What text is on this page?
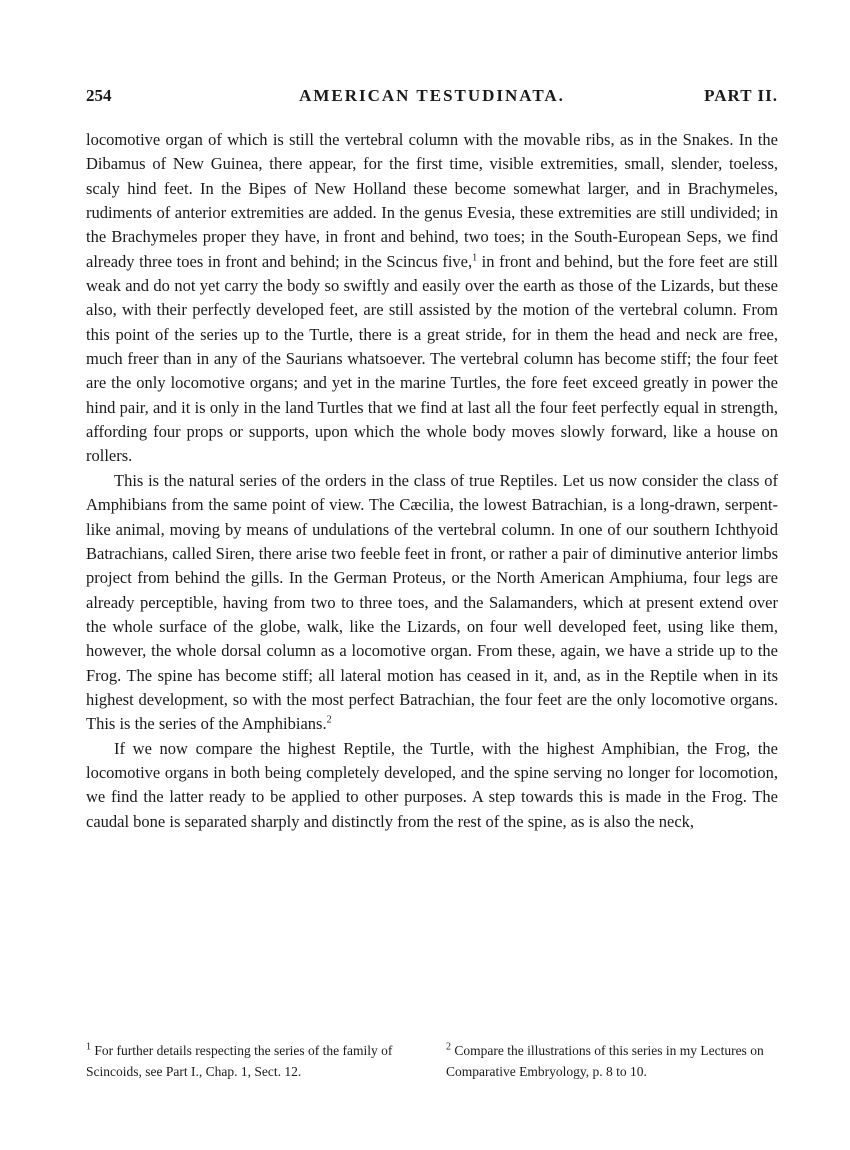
254	AMERICAN TESTUDINATA.	PART II.

locomotive organ of which is still the vertebral column with the movable ribs, as in the Snakes. In the Dibamus of New Guinea, there appear, for the first time, visible extremities, small, slender, toeless, scaly hind feet. In the Bipes of New Holland these become somewhat larger, and in Brachymeles, rudiments of anterior extremities are added. In the genus Evesia, these extremities are still undivided; in the Brachymeles proper they have, in front and behind, two toes; in the South-European Seps, we find already three toes in front and behind; in the Scincus five,$^1$ in front and behind, but the fore feet are still weak and do not yet carry the body so swiftly and easily over the earth as those of the Lizards, but these also, with their perfectly developed feet, are still assisted by the motion of the vertebral column. From this point of the series up to the Turtle, there is a great stride, for in them the head and neck are free, much freer than in any of the Saurians whatsoever. The vertebral column has become stiff; the four feet are the only locomotive organs; and yet in the marine Turtles, the fore feet exceed greatly in power the hind pair, and it is only in the land Turtles that we find at last all the four feet perfectly equal in strength, affording four props or supports, upon which the whole body moves slowly forward, like a house on rollers.

This is the natural series of the orders in the class of true Reptiles. Let us now consider the class of Amphibians from the same point of view. The Cæcilia, the lowest Batrachian, is a long-drawn, serpent-like animal, moving by means of undulations of the vertebral column. In one of our southern Ichthyoid Batrachians, called Siren, there arise two feeble feet in front, or rather a pair of diminutive anterior limbs project from behind the gills. In the German Proteus, or the North American Amphiuma, four legs are already perceptible, having from two to three toes, and the Salamanders, which at present extend over the whole surface of the globe, walk, like the Lizards, on four well developed feet, using like them, however, the whole dorsal column as a locomotive organ. From these, again, we have a stride up to the Frog. The spine has become stiff; all lateral motion has ceased in it, and, as in the Reptile when in its highest development, so with the most perfect Batrachian, the four feet are the only locomotive organs. This is the series of the Amphibians.$^2$

If we now compare the highest Reptile, the Turtle, with the highest Amphibian, the Frog, the locomotive organs in both being completely developed, and the spine serving no longer for locomotion, we find the latter ready to be applied to other purposes. A step towards this is made in the Frog. The caudal bone is separated sharply and distinctly from the rest of the spine, as is also the neck,

$^1$ For further details respecting the series of the family of Scincoids, see Part I., Chap. 1, Sect. 12.
$^2$ Compare the illustrations of this series in my Lectures on Comparative Embryology, p. 8 to 10.
